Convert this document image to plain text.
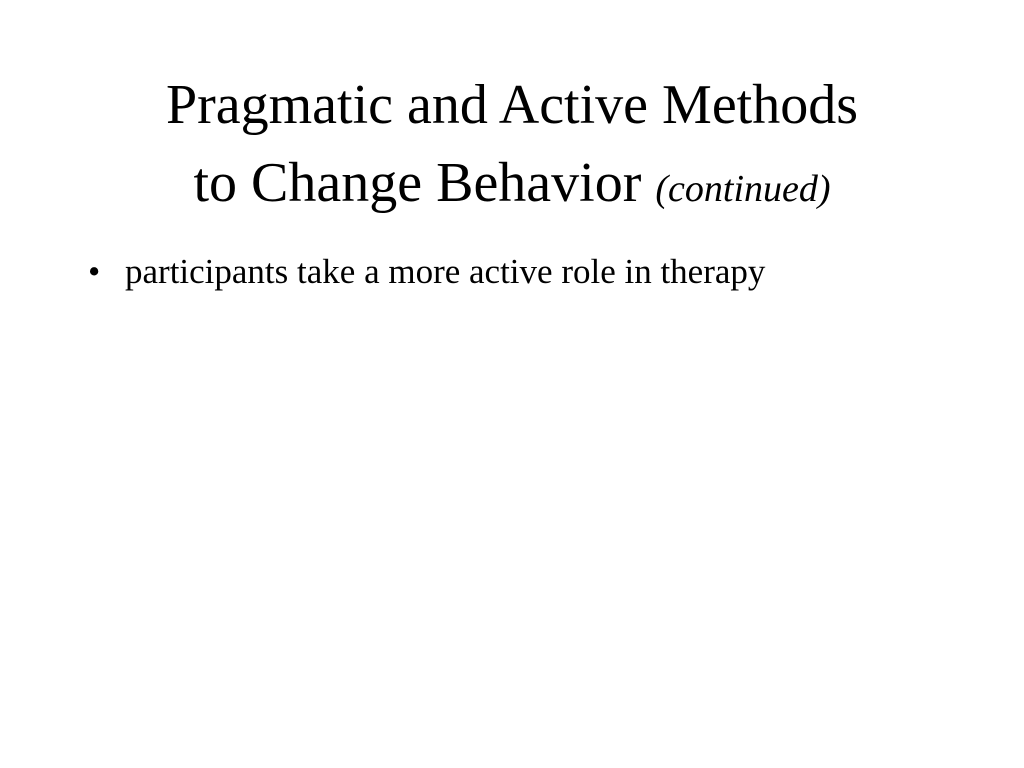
Pragmatic and Active Methods
to Change Behavior (continued)
• participants take a more active role in therapy
